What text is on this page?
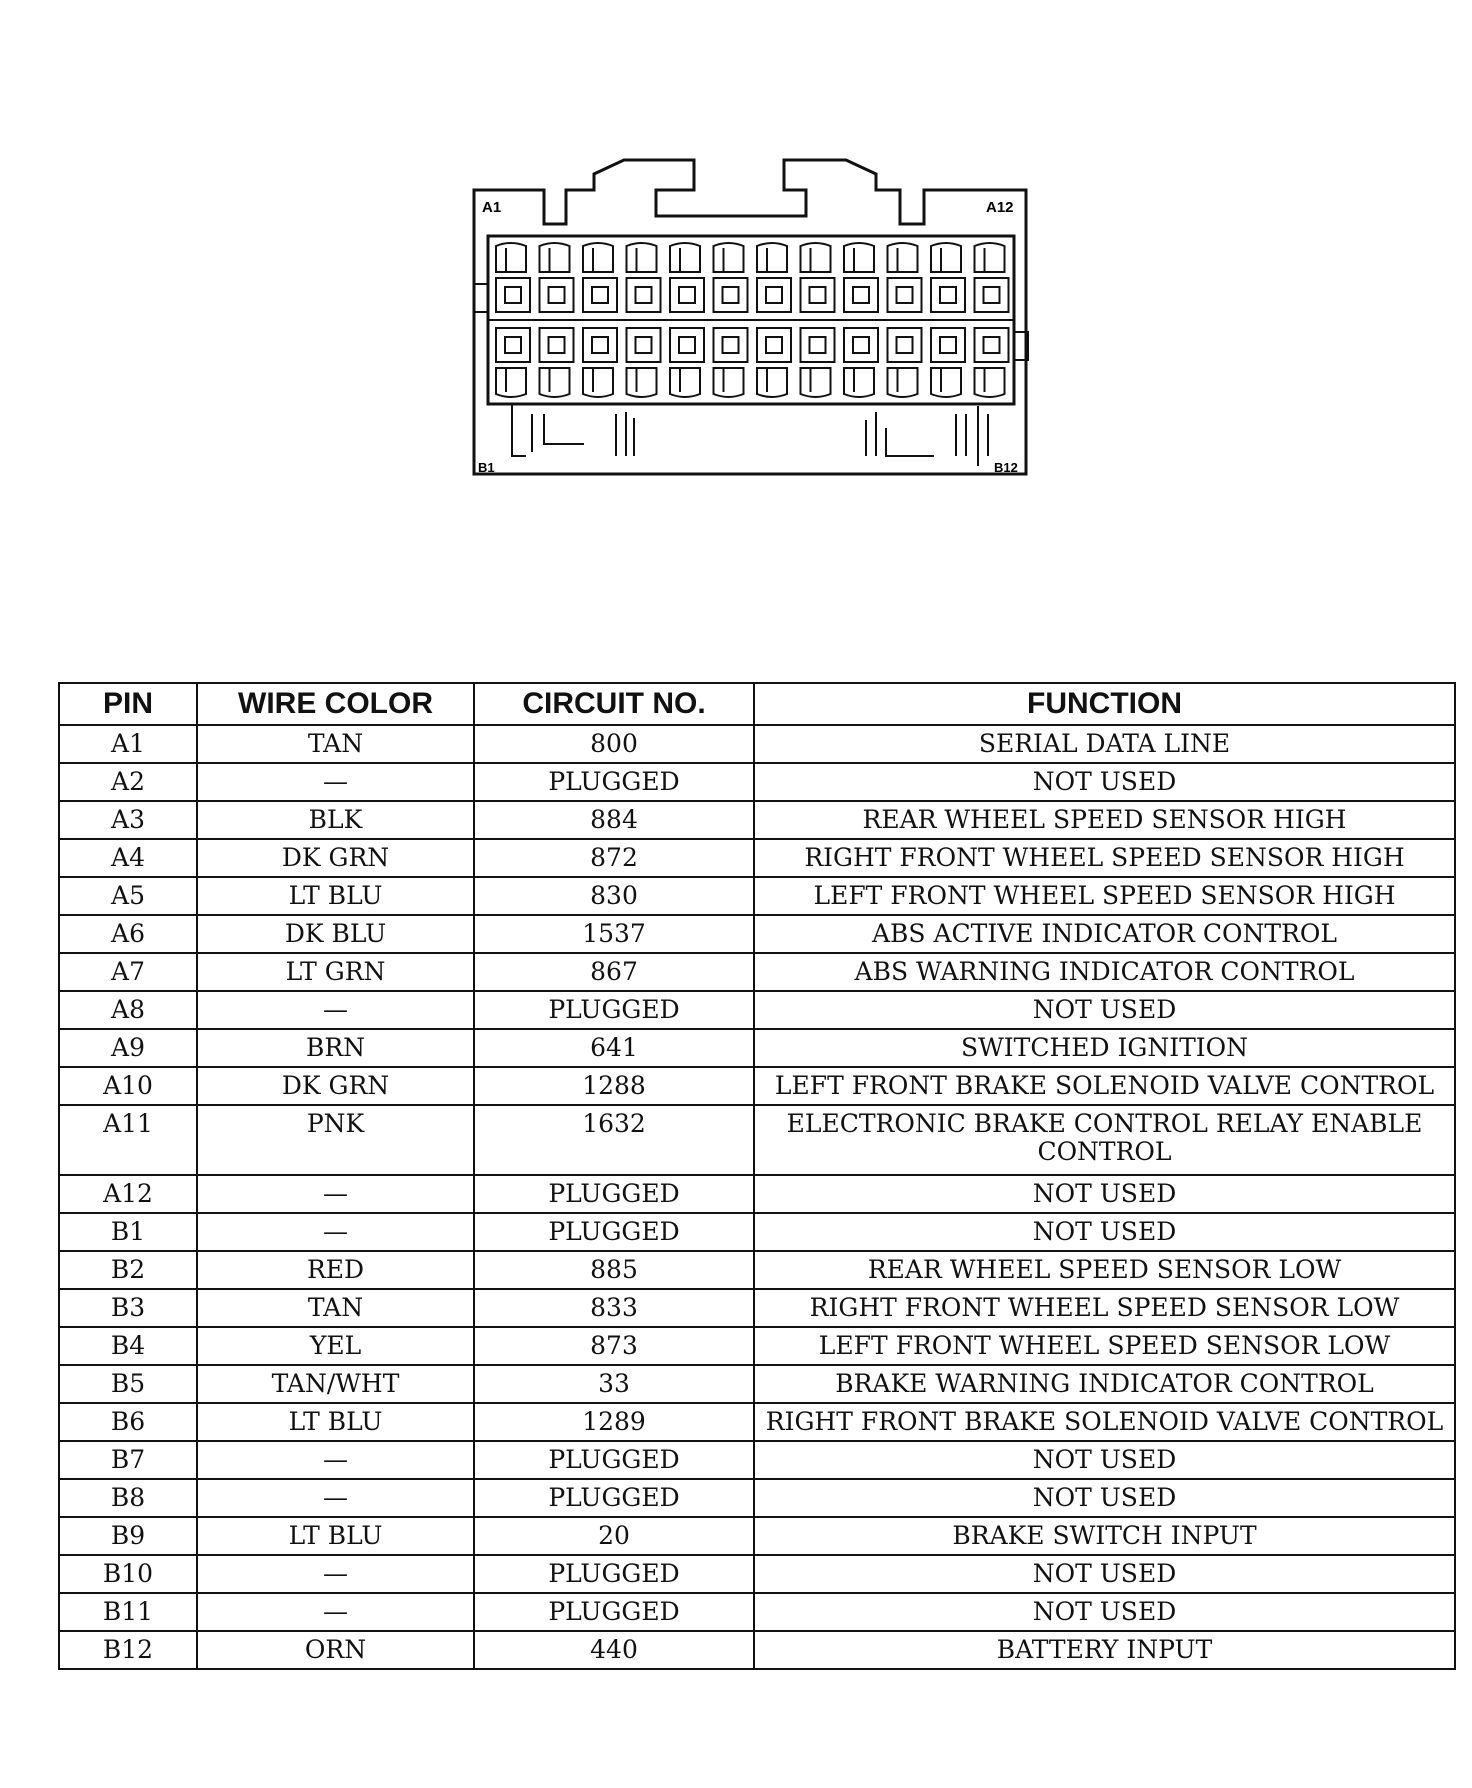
A1	A12
B1	B12
PIN	WIRE COLOR	CIRCUIT NO.	FUNCTION
A1	TAN	800	SERIAL DATA LINE
A2	—	PLUGGED	NOT USED
A3	BLK	884	REAR WHEEL SPEED SENSOR HIGH
A4	DK GRN	872	RIGHT FRONT WHEEL SPEED SENSOR HIGH
A5	LT BLU	830	LEFT FRONT WHEEL SPEED SENSOR HIGH
A6	DK BLU	1537	ABS ACTIVE INDICATOR CONTROL
A7	LT GRN	867	ABS WARNING INDICATOR CONTROL
A8	—	PLUGGED	NOT USED
A9	BRN	641	SWITCHED IGNITION
A10	DK GRN	1288	LEFT FRONT BRAKE SOLENOID VALVE CONTROL
A11	PNK	1632	ELECTRONIC BRAKE CONTROL RELAY ENABLE CONTROL
A12	—	PLUGGED	NOT USED
B1	—	PLUGGED	NOT USED
B2	RED	885	REAR WHEEL SPEED SENSOR LOW
B3	TAN	833	RIGHT FRONT WHEEL SPEED SENSOR LOW
B4	YEL	873	LEFT FRONT WHEEL SPEED SENSOR LOW
B5	TAN/WHT	33	BRAKE WARNING INDICATOR CONTROL
B6	LT BLU	1289	RIGHT FRONT BRAKE SOLENOID VALVE CONTROL
B7	—	PLUGGED	NOT USED
B8	—	PLUGGED	NOT USED
B9	LT BLU	20	BRAKE SWITCH INPUT
B10	—	PLUGGED	NOT USED
B11	—	PLUGGED	NOT USED
B12	ORN	440	BATTERY INPUT
